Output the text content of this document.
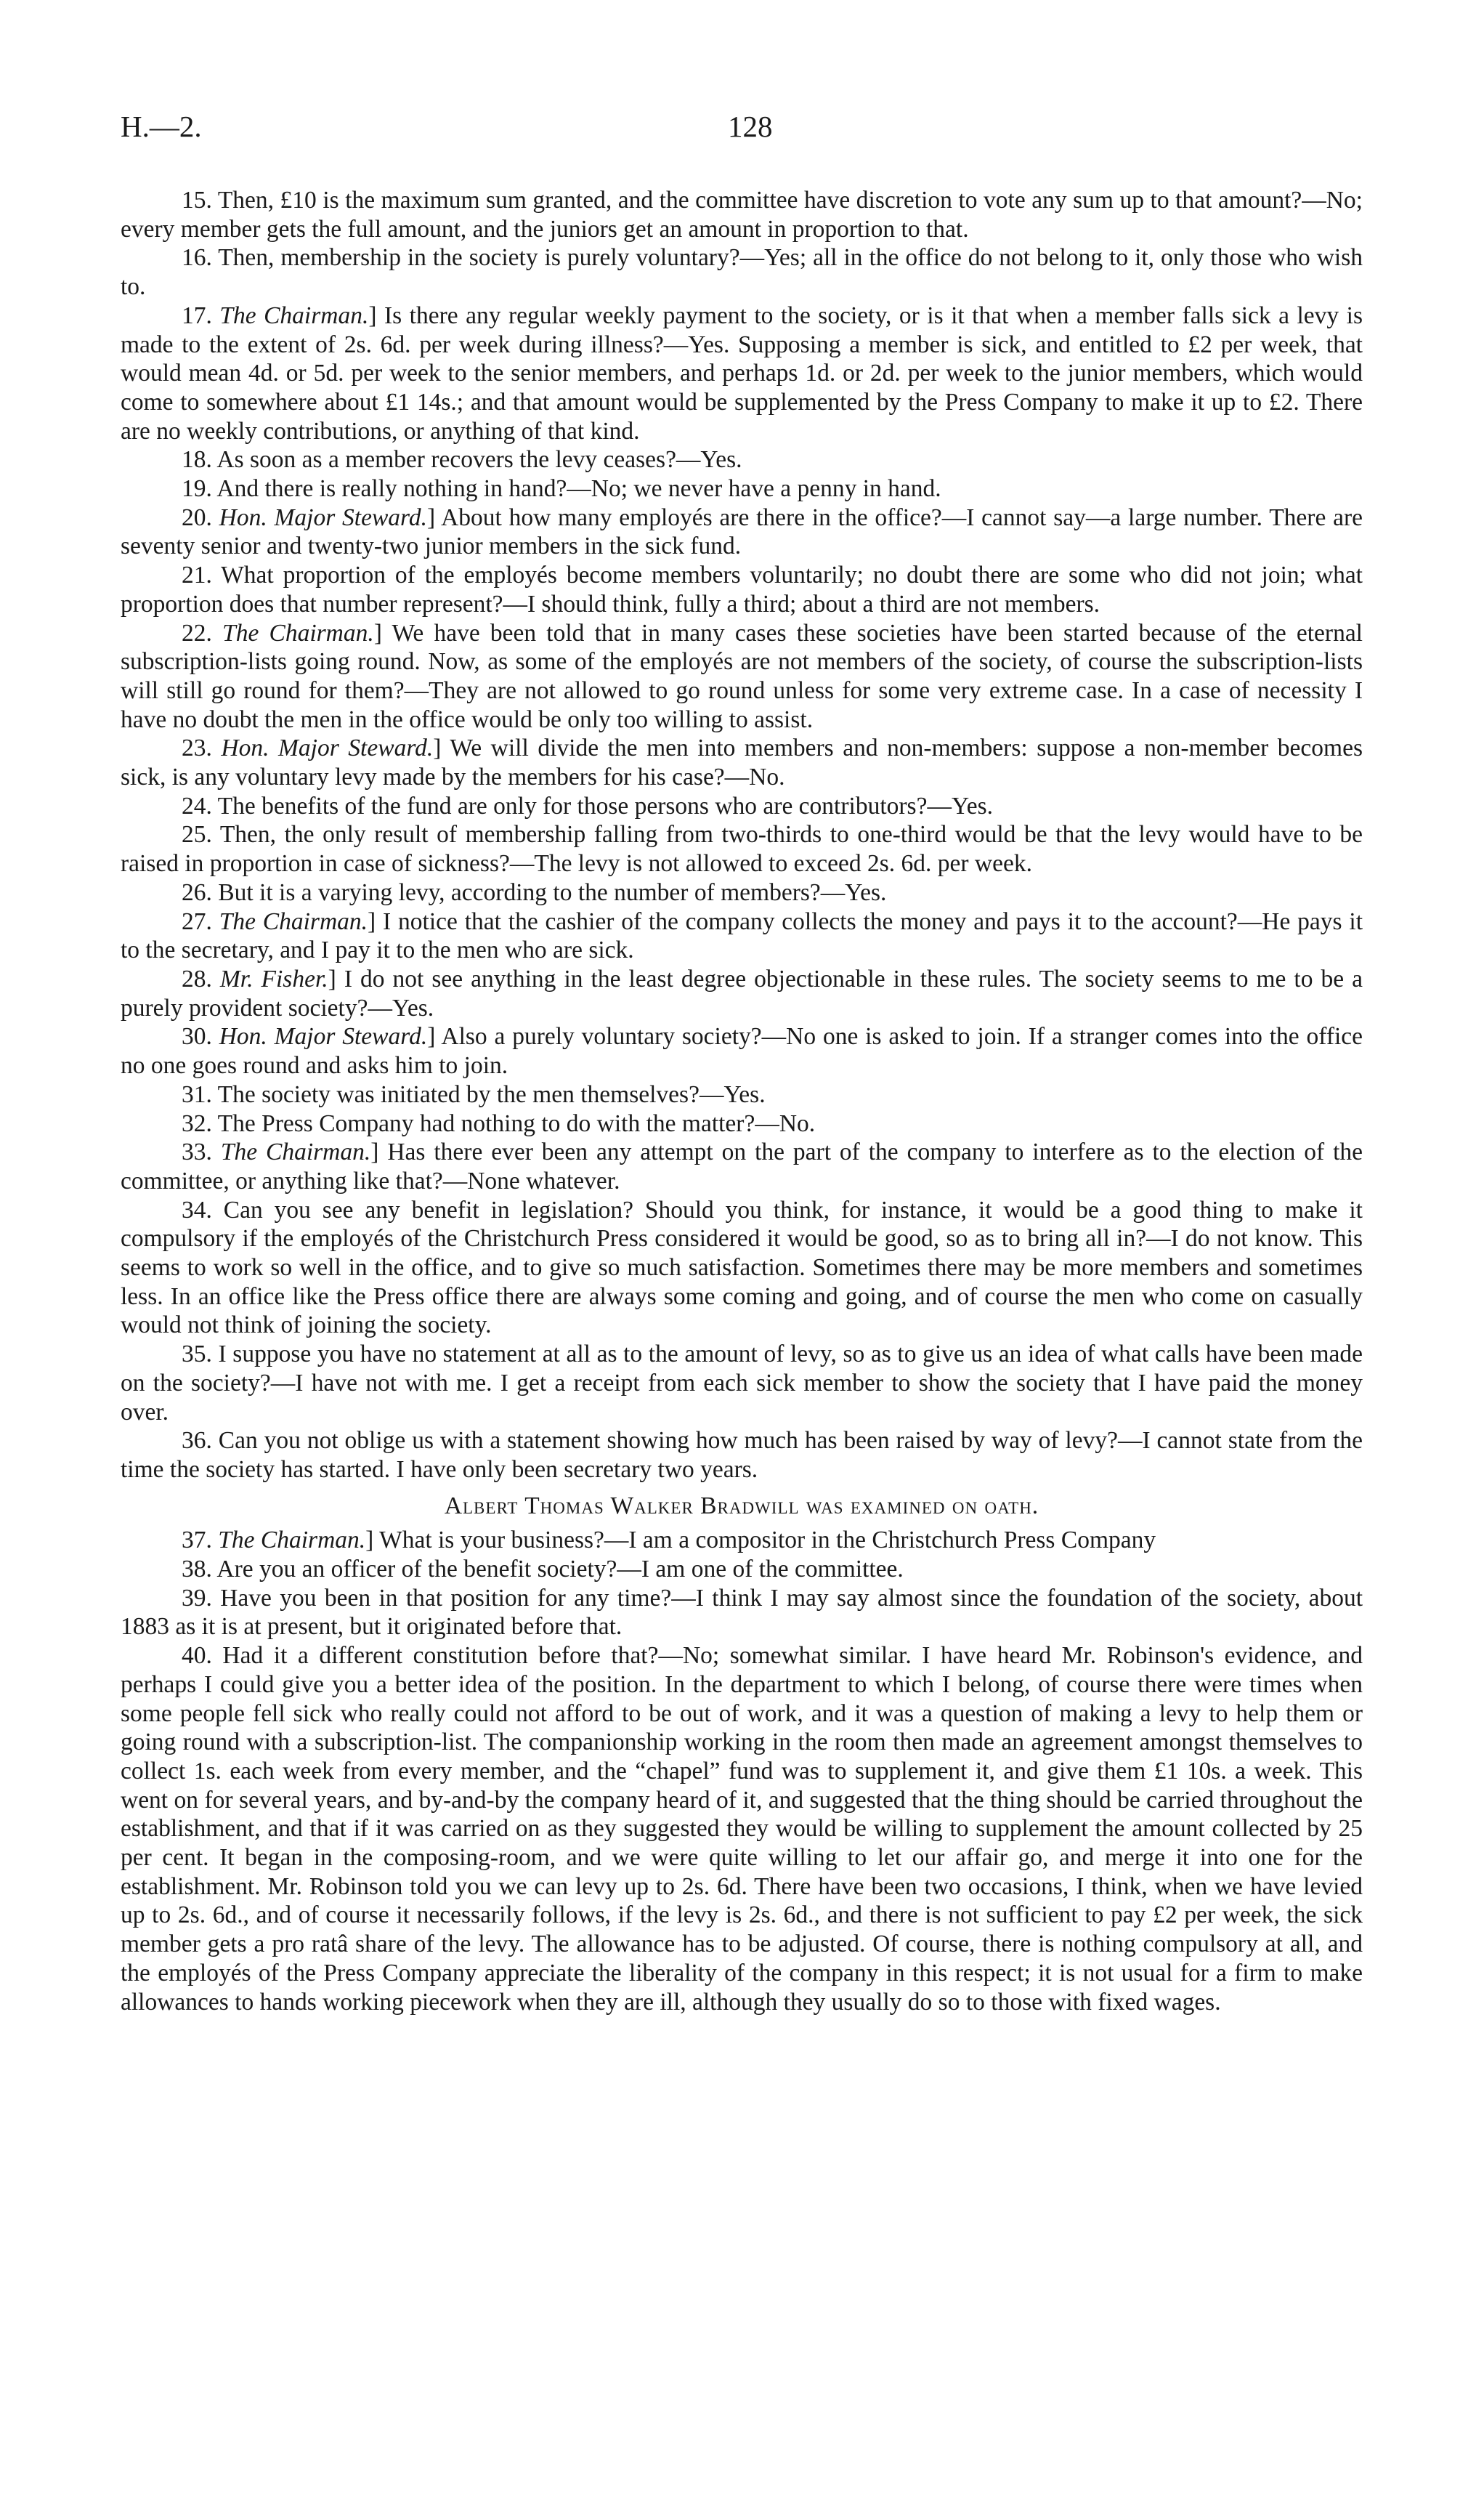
H.—2.	128

15. Then, £10 is the maximum sum granted, and the committee have discretion to vote any sum up to that amount?—No; every member gets the full amount, and the juniors get an amount in proportion to that.

16. Then, membership in the society is purely voluntary?—Yes; all in the office do not belong to it, only those who wish to.

17. The Chairman.] Is there any regular weekly payment to the society, or is it that when a member falls sick a levy is made to the extent of 2s. 6d. per week during illness?—Yes. Supposing a member is sick, and entitled to £2 per week, that would mean 4d. or 5d. per week to the senior members, and perhaps 1d. or 2d. per week to the junior members, which would come to somewhere about £1 14s.; and that amount would be supplemented by the Press Company to make it up to £2. There are no weekly contributions, or anything of that kind.

18. As soon as a member recovers the levy ceases?—Yes.

19. And there is really nothing in hand?—No; we never have a penny in hand.

20. Hon. Major Steward.] About how many employés are there in the office?—I cannot say—a large number. There are seventy senior and twenty-two junior members in the sick fund.

21. What proportion of the employés become members voluntarily; no doubt there are some who did not join; what proportion does that number represent?—I should think, fully a third; about a third are not members.

22. The Chairman.] We have been told that in many cases these societies have been started because of the eternal subscription-lists going round. Now, as some of the employés are not members of the society, of course the subscription-lists will still go round for them?—They are not allowed to go round unless for some very extreme case. In a case of necessity I have no doubt the men in the office would be only too willing to assist.

23. Hon. Major Steward.] We will divide the men into members and non-members: suppose a non-member becomes sick, is any voluntary levy made by the members for his case?—No.

24. The benefits of the fund are only for those persons who are contributors?—Yes.

25. Then, the only result of membership falling from two-thirds to one-third would be that the levy would have to be raised in proportion in case of sickness?—The levy is not allowed to exceed 2s. 6d. per week.

26. But it is a varying levy, according to the number of members?—Yes.

27. The Chairman.] I notice that the cashier of the company collects the money and pays it to the account?—He pays it to the secretary, and I pay it to the men who are sick.

28. Mr. Fisher.] I do not see anything in the least degree objectionable in these rules. The society seems to me to be a purely provident society?—Yes.

30. Hon. Major Steward.] Also a purely voluntary society?—No one is asked to join. If a stranger comes into the office no one goes round and asks him to join.

31. The society was initiated by the men themselves?—Yes.

32. The Press Company had nothing to do with the matter?—No.

33. The Chairman.] Has there ever been any attempt on the part of the company to interfere as to the election of the committee, or anything like that?—None whatever.

34. Can you see any benefit in legislation? Should you think, for instance, it would be a good thing to make it compulsory if the employés of the Christchurch Press considered it would be good, so as to bring all in?—I do not know. This seems to work so well in the office, and to give so much satisfaction. Sometimes there may be more members and sometimes less. In an office like the Press office there are always some coming and going, and of course the men who come on casually would not think of joining the society.

35. I suppose you have no statement at all as to the amount of levy, so as to give us an idea of what calls have been made on the society?—I have not with me. I get a receipt from each sick member to show the society that I have paid the money over.

36. Can you not oblige us with a statement showing how much has been raised by way of levy?—I cannot state from the time the society has started. I have only been secretary two years.

Albert Thomas Walker Bradwill was examined on oath.

37. The Chairman.] What is your business?—I am a compositor in the Christchurch Press Company

38. Are you an officer of the benefit society?—I am one of the committee.

39. Have you been in that position for any time?—I think I may say almost since the foundation of the society, about 1883 as it is at present, but it originated before that.

40. Had it a different constitution before that?—No; somewhat similar. I have heard Mr. Robinson's evidence, and perhaps I could give you a better idea of the position. In the department to which I belong, of course there were times when some people fell sick who really could not afford to be out of work, and it was a question of making a levy to help them or going round with a subscription-list. The companionship working in the room then made an agreement amongst themselves to collect 1s. each week from every member, and the “chapel” fund was to supplement it, and give them £1 10s. a week. This went on for several years, and by-and-by the company heard of it, and suggested that the thing should be carried throughout the establishment, and that if it was carried on as they suggested they would be willing to supplement the amount collected by 25 per cent. It began in the composing-room, and we were quite willing to let our affair go, and merge it into one for the establishment. Mr. Robinson told you we can levy up to 2s. 6d. There have been two occasions, I think, when we have levied up to 2s. 6d., and of course it necessarily follows, if the levy is 2s. 6d., and there is not sufficient to pay £2 per week, the sick member gets a pro ratâ share of the levy. The allowance has to be adjusted. Of course, there is nothing compulsory at all, and the employés of the Press Company appreciate the liberality of the company in this respect; it is not usual for a firm to make allowances to hands working piecework when they are ill, although they usually do so to those with fixed wages.
